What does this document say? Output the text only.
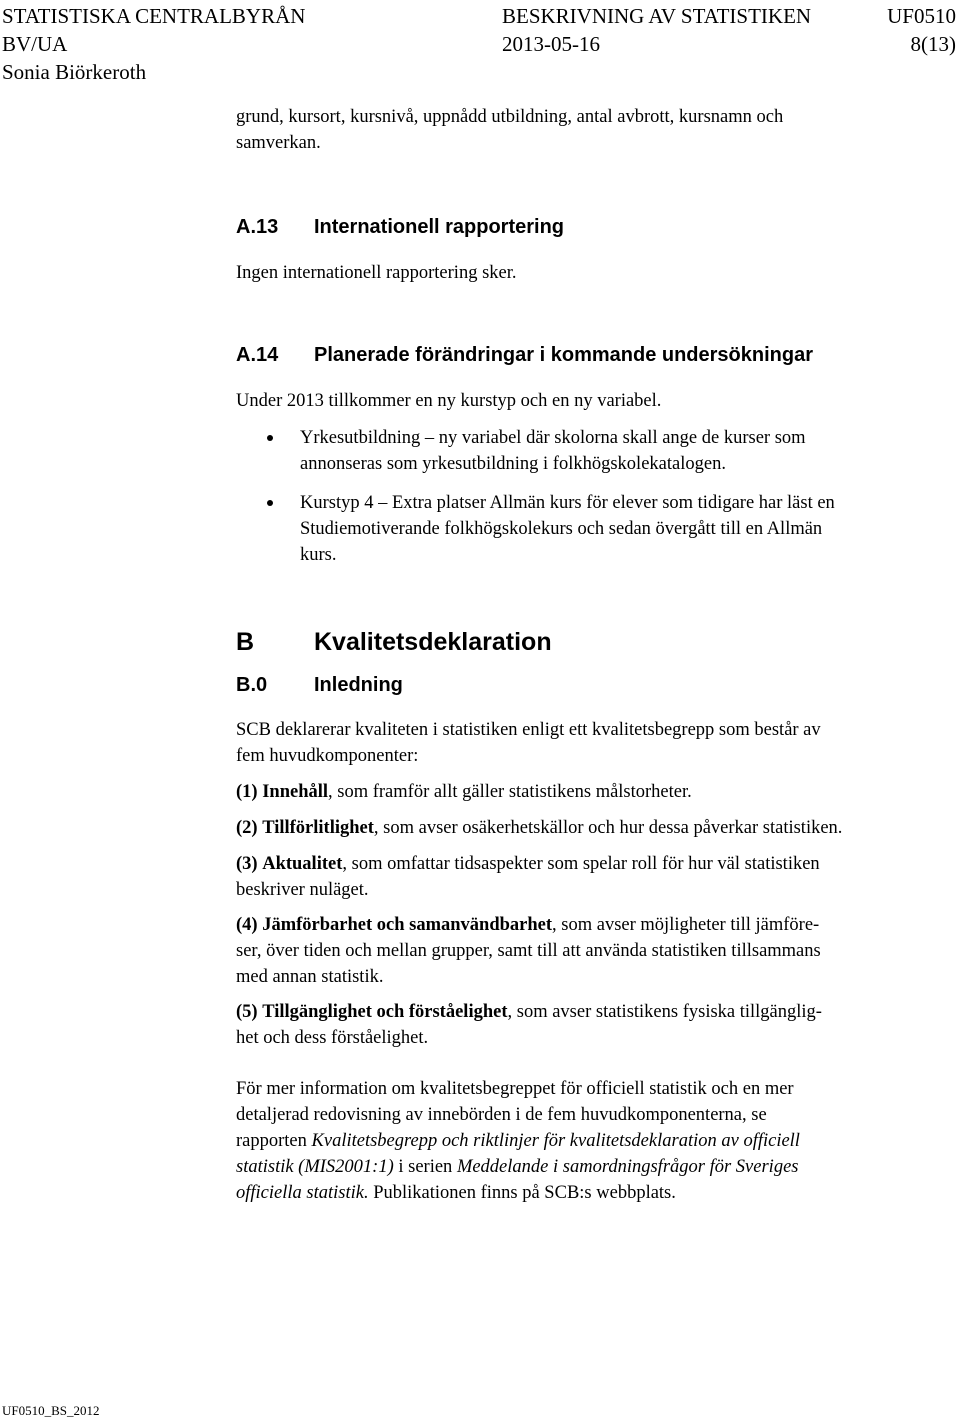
STATISTISKA CENTRALBYRÅN	BESKRIVNING AV STATISTIKEN	UF0510
BV/UA	2013-05-16	8(13)
Sonia Biörkeroth
grund, kursort, kursnivå, uppnådd utbildning, antal avbrott, kursnamn och
samverkan.
A.13 Internationell rapportering
Ingen internationell rapportering sker.
A.14 Planerade förändringar i kommande undersökningar
Under 2013 tillkommer en ny kurstyp och en ny variabel.
Yrkesutbildning – ny variabel där skolorna skall ange de kurser som
annonseras som yrkesutbildning i folkhögskolekatalogen.
Kurstyp 4 – Extra platser Allmän kurs för elever som tidigare har läst en
Studiemotiverande folkhögskolekurs och sedan övergått till en Allmän
kurs.
B Kvalitetsdeklaration
B.0 Inledning
SCB deklarerar kvaliteten i statistiken enligt ett kvalitetsbegrepp som består av
fem huvudkomponenter:
(1) Innehåll, som framför allt gäller statistikens målstorheter.
(2) Tillförlitlighet, som avser osäkerhetskällor och hur dessa påverkar statistiken.
(3) Aktualitet, som omfattar tidsaspekter som spelar roll för hur väl statistiken
beskriver nuläget.
(4) Jämförbarhet och samanvändbarhet, som avser möjligheter till jämföre-
ser, över tiden och mellan grupper, samt till att använda statistiken tillsammans
med annan statistik.
(5) Tillgänglighet och förståelighet, som avser statistikens fysiska tillgänglig-
het och dess förståelighet.
För mer information om kvalitetsbegreppet för officiell statistik och en mer
detaljerad redovisning av innebörden i de fem huvudkomponenterna, se
rapporten Kvalitetsbegrepp och riktlinjer för kvalitetsdeklaration av officiell
statistik (MIS2001:1) i serien Meddelande i samordningsfrågor för Sveriges
officiella statistik. Publikationen finns på SCB:s webbplats.
UF0510_BS_2012
